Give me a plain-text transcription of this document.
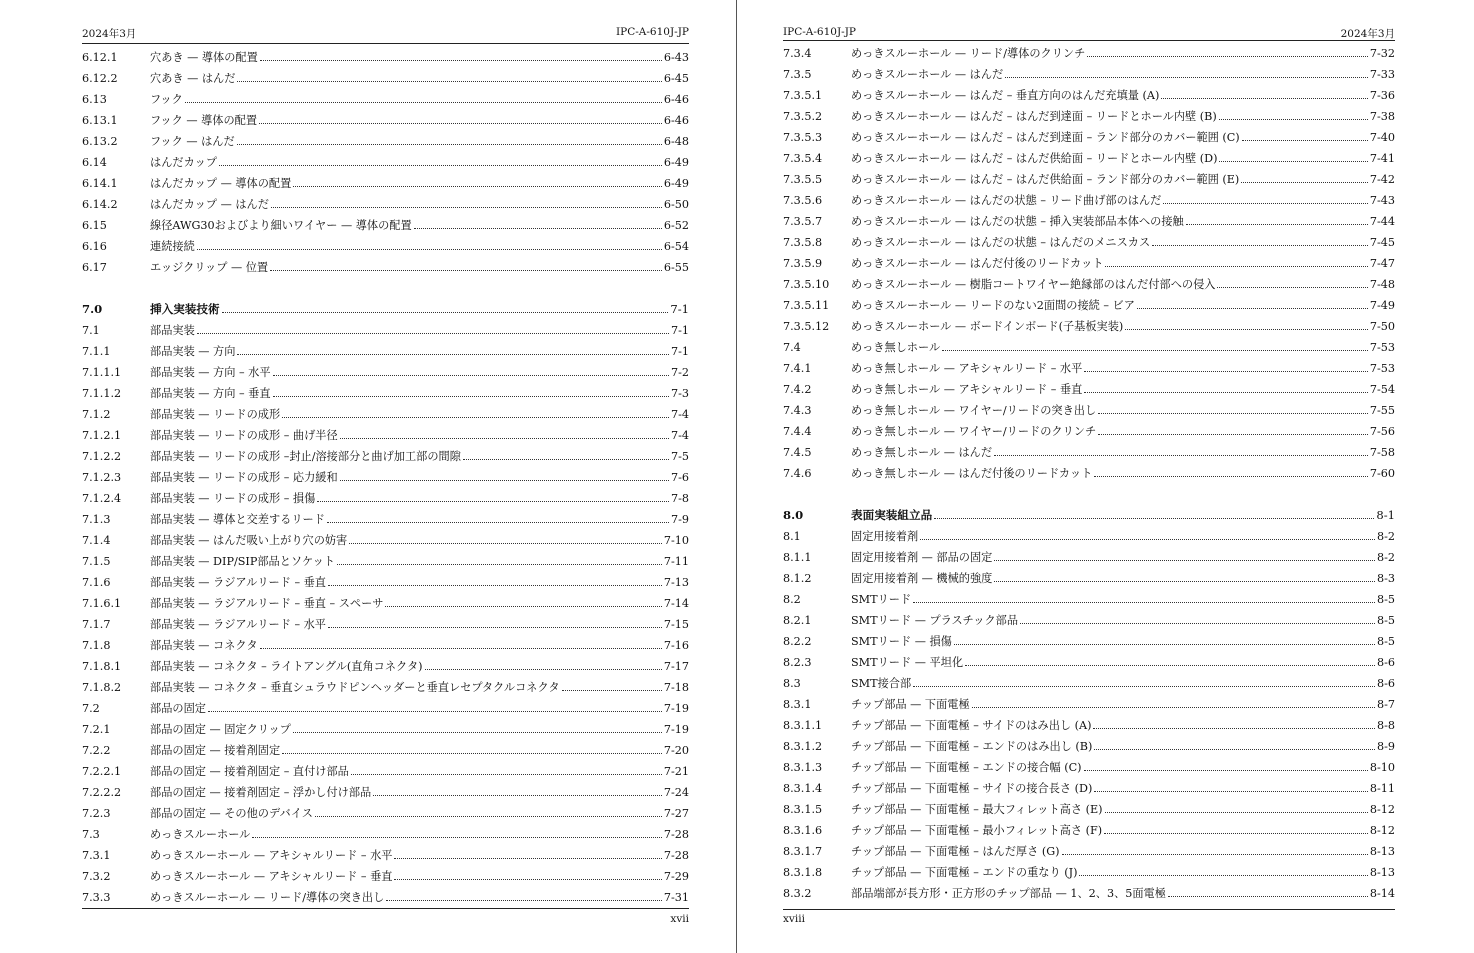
2024年3月	IPC-A-610J-JP
6.12.1	穴あき — 導体の配置	6-43
6.12.2	穴あき — はんだ	6-45
6.13	フック	6-46
6.13.1	フック — 導体の配置	6-46
6.13.2	フック — はんだ	6-48
6.14	はんだカップ	6-49
6.14.1	はんだカップ — 導体の配置	6-49
6.14.2	はんだカップ — はんだ	6-50
6.15	線径AWG30およびより細いワイヤー — 導体の配置	6-52
6.16	連続接続	6-54
6.17	エッジクリップ — 位置	6-55
7.0	挿入実装技術	7-1
7.1	部品実装	7-1
7.1.1	部品実装 — 方向	7-1
7.1.1.1	部品実装 — 方向 – 水平	7-2
7.1.1.2	部品実装 — 方向 – 垂直	7-3
7.1.2	部品実装 — リードの成形	7-4
7.1.2.1	部品実装 — リードの成形 – 曲げ半径	7-4
7.1.2.2	部品実装 — リードの成形 –封止/溶接部分と曲げ加工部の間隙	7-5
7.1.2.3	部品実装 — リードの成形 – 応力緩和	7-6
7.1.2.4	部品実装 — リードの成形 – 損傷	7-8
7.1.3	部品実装 — 導体と交差するリード	7-9
7.1.4	部品実装 — はんだ吸い上がり穴の妨害	7-10
7.1.5	部品実装 — DIP/SIP部品とソケット	7-11
7.1.6	部品実装 — ラジアルリード – 垂直	7-13
7.1.6.1	部品実装 — ラジアルリード – 垂直 – スペーサ	7-14
7.1.7	部品実装 — ラジアルリード – 水平	7-15
7.1.8	部品実装 — コネクタ	7-16
7.1.8.1	部品実装 — コネクタ – ライトアングル(直角コネクタ)	7-17
7.1.8.2	部品実装 — コネクタ – 垂直シュラウドピンヘッダーと垂直レセプタクルコネクタ	7-18
7.2	部品の固定	7-19
7.2.1	部品の固定 — 固定クリップ	7-19
7.2.2	部品の固定 — 接着剤固定	7-20
7.2.2.1	部品の固定 — 接着剤固定 – 直付け部品	7-21
7.2.2.2	部品の固定 — 接着剤固定 – 浮かし付け部品	7-24
7.2.3	部品の固定 — その他のデバイス	7-27
7.3	めっきスルーホール	7-28
7.3.1	めっきスルーホール — アキシャルリード – 水平	7-28
7.3.2	めっきスルーホール — アキシャルリード – 垂直	7-29
7.3.3	めっきスルーホール — リード/導体の突き出し	7-31
xvii
IPC-A-610J-JP	2024年3月
7.3.4	めっきスルーホール — リード/導体のクリンチ	7-32
7.3.5	めっきスルーホール — はんだ	7-33
7.3.5.1	めっきスルーホール — はんだ – 垂直方向のはんだ充填量 (A)	7-36
7.3.5.2	めっきスルーホール — はんだ – はんだ到達面 – リードとホール内壁 (B)	7-38
7.3.5.3	めっきスルーホール — はんだ – はんだ到達面 – ランド部分のカバー範囲 (C)	7-40
7.3.5.4	めっきスルーホール — はんだ – はんだ供給面 – リードとホール内壁 (D)	7-41
7.3.5.5	めっきスルーホール — はんだ – はんだ供給面 – ランド部分のカバー範囲 (E)	7-42
7.3.5.6	めっきスルーホール — はんだの状態 – リード曲げ部のはんだ	7-43
7.3.5.7	めっきスルーホール — はんだの状態 – 挿入実装部品本体への接触	7-44
7.3.5.8	めっきスルーホール — はんだの状態 – はんだのメニスカス	7-45
7.3.5.9	めっきスルーホール — はんだ付後のリードカット	7-47
7.3.5.10 めっきスルーホール — 樹脂コートワイヤー絶縁部のはんだ付部への侵入	7-48
7.3.5.11 めっきスルーホール — リードのない2面間の接続 – ビア	7-49
7.3.5.12 めっきスルーホール — ボードインボード(子基板実装)	7-50
7.4	めっき無しホール	7-53
7.4.1	めっき無しホール — アキシャルリード – 水平	7-53
7.4.2	めっき無しホール — アキシャルリード – 垂直	7-54
7.4.3	めっき無しホール — ワイヤー/リードの突き出し	7-55
7.4.4	めっき無しホール — ワイヤー/リードのクリンチ	7-56
7.4.5	めっき無しホール — はんだ	7-58
7.4.6	めっき無しホール — はんだ付後のリードカット	7-60
8.0	表面実装組立品	8-1
8.1	固定用接着剤	8-2
8.1.1	固定用接着剤 — 部品の固定	8-2
8.1.2	固定用接着剤 — 機械的強度	8-3
8.2	SMTリード	8-5
8.2.1	SMTリード — プラスチック部品	8-5
8.2.2	SMTリード — 損傷	8-5
8.2.3	SMTリード — 平坦化	8-6
8.3	SMT接合部	8-6
8.3.1	チップ部品 — 下面電極	8-7
8.3.1.1	チップ部品 — 下面電極 – サイドのはみ出し (A)	8-8
8.3.1.2	チップ部品 — 下面電極 – エンドのはみ出し (B)	8-9
8.3.1.3	チップ部品 — 下面電極 – エンドの接合幅 (C)	8-10
8.3.1.4	チップ部品 — 下面電極 – サイドの接合長さ (D)	8-11
8.3.1.5	チップ部品 — 下面電極 – 最大フィレット高さ (E)	8-12
8.3.1.6	チップ部品 — 下面電極 – 最小フィレット高さ (F)	8-12
8.3.1.7	チップ部品 — 下面電極 – はんだ厚さ (G)	8-13
8.3.1.8	チップ部品 — 下面電極 – エンドの重なり (J)	8-13
8.3.2	部品端部が長方形・正方形のチップ部品 — 1、2、3、5面電極	8-14
xviii
